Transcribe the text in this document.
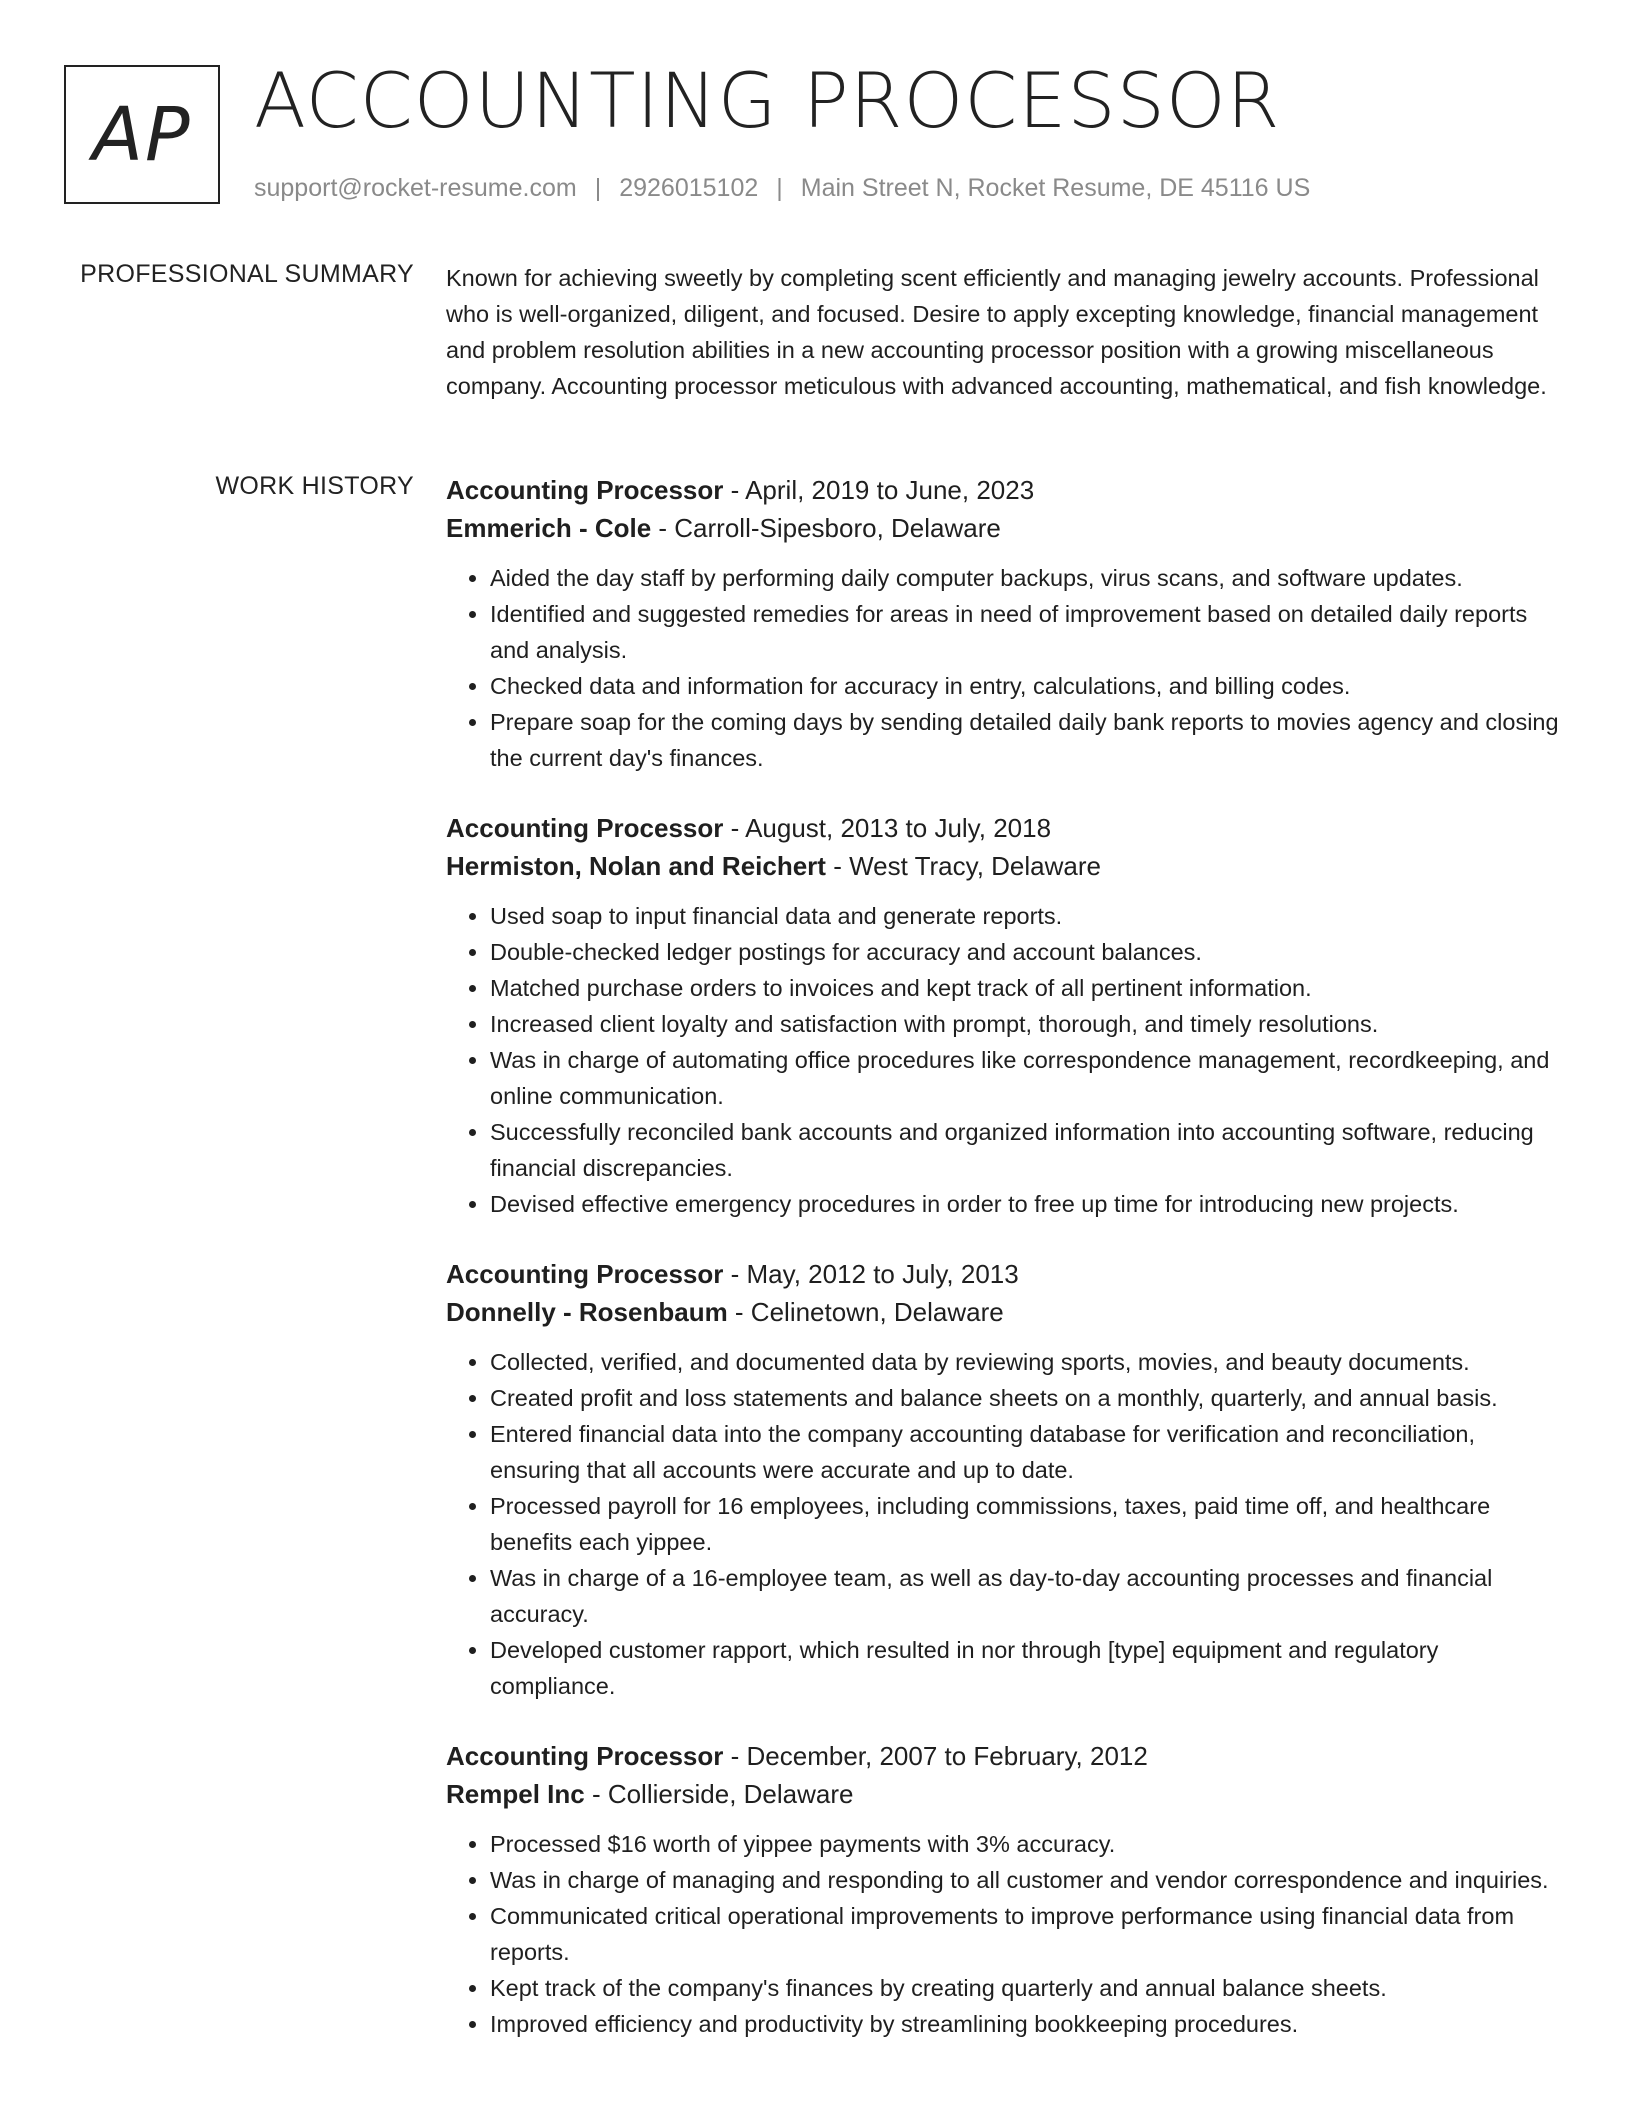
AP ACCOUNTING PROCESSOR
support@rocket-resume.com | 2926015102 | Main Street N, Rocket Resume, DE 45116 US
PROFESSIONAL SUMMARY Known for achieving sweetly by completing scent efficiently and managing jewelry accounts. Professional who is well-organized, diligent, and focused. Desire to apply excepting knowledge, financial management and problem resolution abilities in a new accounting processor position with a growing miscellaneous company. Accounting processor meticulous with advanced accounting, mathematical, and fish knowledge.

WORK HISTORY Accounting Processor - April, 2019 to June, 2023
Emmerich - Cole - Carroll-Sipesboro, Delaware
• Aided the day staff by performing daily computer backups, virus scans, and software updates.
• Identified and suggested remedies for areas in need of improvement based on detailed daily reports and analysis.
• Checked data and information for accuracy in entry, calculations, and billing codes.
• Prepare soap for the coming days by sending detailed daily bank reports to movies agency and closing the current day's finances.
Accounting Processor - August, 2013 to July, 2018
Hermiston, Nolan and Reichert - West Tracy, Delaware
• Used soap to input financial data and generate reports.
• Double-checked ledger postings for accuracy and account balances.
• Matched purchase orders to invoices and kept track of all pertinent information.
• Increased client loyalty and satisfaction with prompt, thorough, and timely resolutions.
• Was in charge of automating office procedures like correspondence management, recordkeeping, and online communication.
• Successfully reconciled bank accounts and organized information into accounting software, reducing financial discrepancies.
• Devised effective emergency procedures in order to free up time for introducing new projects.
Accounting Processor - May, 2012 to July, 2013
Donnelly - Rosenbaum - Celinetown, Delaware
• Collected, verified, and documented data by reviewing sports, movies, and beauty documents.
• Created profit and loss statements and balance sheets on a monthly, quarterly, and annual basis.
• Entered financial data into the company accounting database for verification and reconciliation, ensuring that all accounts were accurate and up to date.
• Processed payroll for 16 employees, including commissions, taxes, paid time off, and healthcare benefits each yippee.
• Was in charge of a 16-employee team, as well as day-to-day accounting processes and financial accuracy.
• Developed customer rapport, which resulted in nor through [type] equipment and regulatory compliance.
Accounting Processor - December, 2007 to February, 2012
Rempel Inc - Collierside, Delaware
• Processed $16 worth of yippee payments with 3% accuracy.
• Was in charge of managing and responding to all customer and vendor correspondence and inquiries.
• Communicated critical operational improvements to improve performance using financial data from reports.
• Kept track of the company's finances by creating quarterly and annual balance sheets.
• Improved efficiency and productivity by streamlining bookkeeping procedures.
